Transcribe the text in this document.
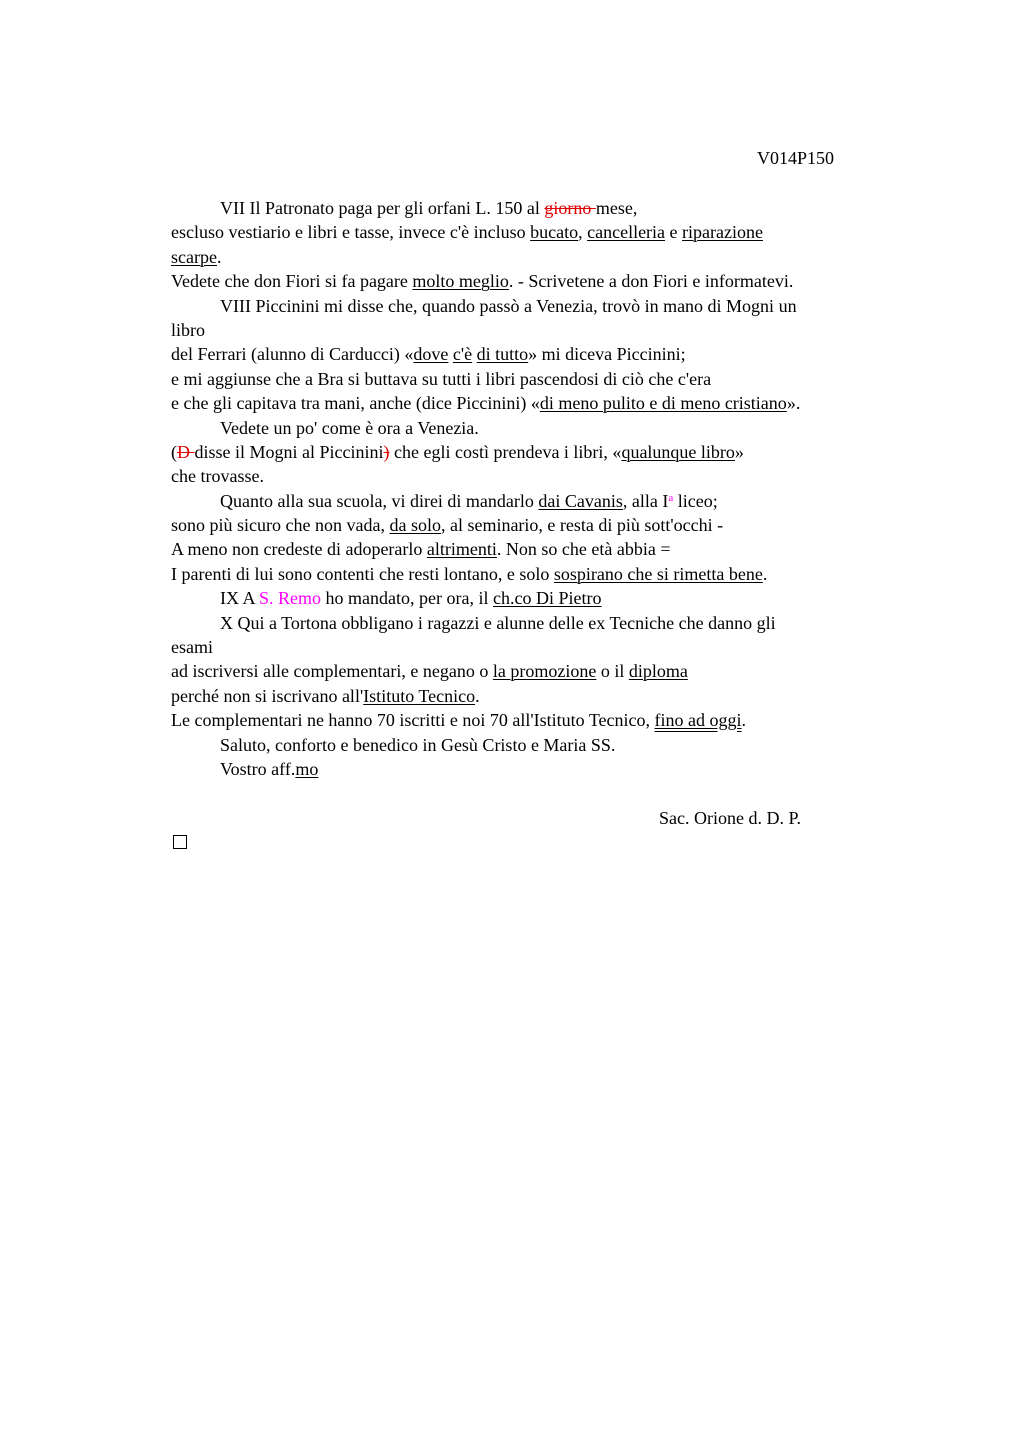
V014P150
VII Il Patronato paga per gli orfani L. 150 al giorno mese,
escluso vestiario e libri e tasse, invece c'è incluso bucato, cancelleria e riparazione
scarpe.
Vedete che don Fiori si fa pagare molto meglio. - Scrivetene a don Fiori e informatevi.
VIII Piccinini mi disse che, quando passò a Venezia, trovò in mano di Mogni un
libro
del Ferrari (alunno di Carducci) «dove c'è di tutto» mi diceva Piccinini;
e mi aggiunse che a Bra si buttava su tutti i libri pascendosi di ciò che c'era
e che gli capitava tra mani, anche (dice Piccinini) «di meno pulito e di meno cristiano».
Vedete un po' come è ora a Venezia.
(D disse il Mogni al Piccinini) che egli costì prendeva i libri, «qualunque libro»
che trovasse.
Quanto alla sua scuola, vi direi di mandarlo dai Cavanis, alla $I^a$ liceo;
sono più sicuro che non vada, da solo, al seminario, e resta di più sott'occhi -
A meno non credeste di adoperarlo altrimenti. Non so che età abbia =
I parenti di lui sono contenti che resti lontano, e solo sospirano che si rimetta bene.
IX A S. Remo ho mandato, per ora, il ch.co Di Pietro
X Qui a Tortona obbligano i ragazzi e alunne delle ex Tecniche che danno gli
esami
ad iscriversi alle complementari, e negano o la promozione o il diploma
perché non si iscrivano all'Istituto Tecnico.
Le complementari ne hanno 70 iscritti e noi 70 all'Istituto Tecnico, fino ad oggi.
Saluto, conforto e benedico in Gesù Cristo e Maria SS.
Vostro aff.mo
Sac. Orione d. D. P.
